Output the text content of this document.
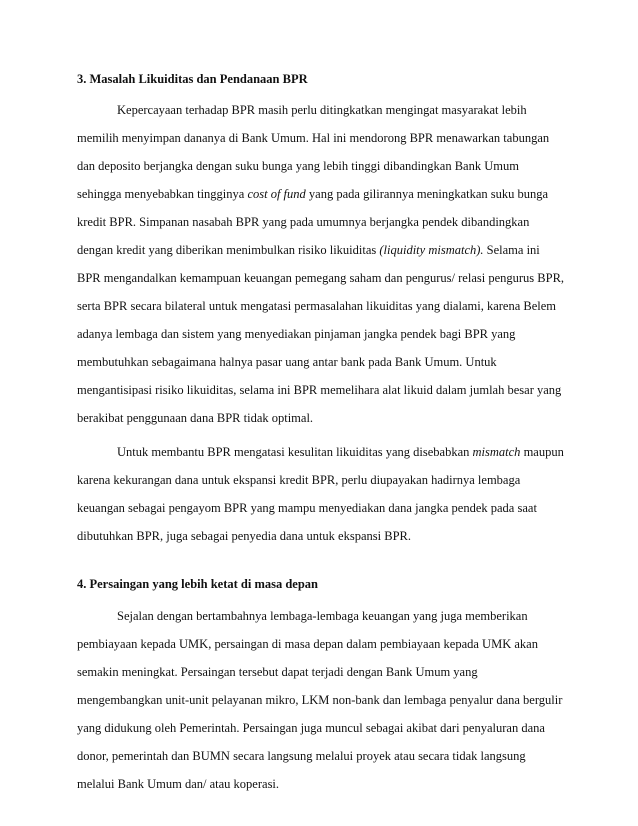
3. Masalah Likuiditas dan Pendanaan BPR
Kepercayaan terhadap BPR masih perlu ditingkatkan mengingat masyarakat lebih
memilih menyimpan dananya di Bank Umum. Hal ini mendorong BPR menawarkan tabungan
dan deposito berjangka dengan suku bunga yang lebih tinggi dibandingkan Bank Umum
sehingga menyebabkan tingginya cost of fund yang pada gilirannya meningkatkan suku bunga
kredit BPR. Simpanan nasabah BPR yang pada umumnya berjangka pendek dibandingkan
dengan kredit yang diberikan menimbulkan risiko likuiditas (liquidity mismatch). Selama ini
BPR mengandalkan kemampuan keuangan pemegang saham dan pengurus/ relasi pengurus BPR,
serta BPR secara bilateral untuk mengatasi permasalahan likuiditas yang dialami, karena Belem
adanya lembaga dan sistem yang menyediakan pinjaman jangka pendek bagi BPR yang
membutuhkan sebagaimana halnya pasar uang antar bank pada Bank Umum. Untuk
mengantisipasi risiko likuiditas, selama ini BPR memelihara alat likuid dalam jumlah besar yang
berakibat penggunaan dana BPR tidak optimal.
Untuk membantu BPR mengatasi kesulitan likuiditas yang disebabkan mismatch maupun
karena kekurangan dana untuk ekspansi kredit BPR, perlu diupayakan hadirnya lembaga
keuangan sebagai pengayom BPR yang mampu menyediakan dana jangka pendek pada saat
dibutuhkan BPR, juga sebagai penyedia dana untuk ekspansi BPR.
4. Persaingan yang lebih ketat di masa depan
Sejalan dengan bertambahnya lembaga-lembaga keuangan yang juga memberikan
pembiayaan kepada UMK, persaingan di masa depan dalam pembiayaan kepada UMK akan
semakin meningkat. Persaingan tersebut dapat terjadi dengan Bank Umum yang
mengembangkan unit-unit pelayanan mikro, LKM non-bank dan lembaga penyalur dana bergulir
yang didukung oleh Pemerintah. Persaingan juga muncul sebagai akibat dari penyaluran dana
donor, pemerintah dan BUMN secara langsung melalui proyek atau secara tidak langsung
melalui Bank Umum dan/ atau koperasi.
